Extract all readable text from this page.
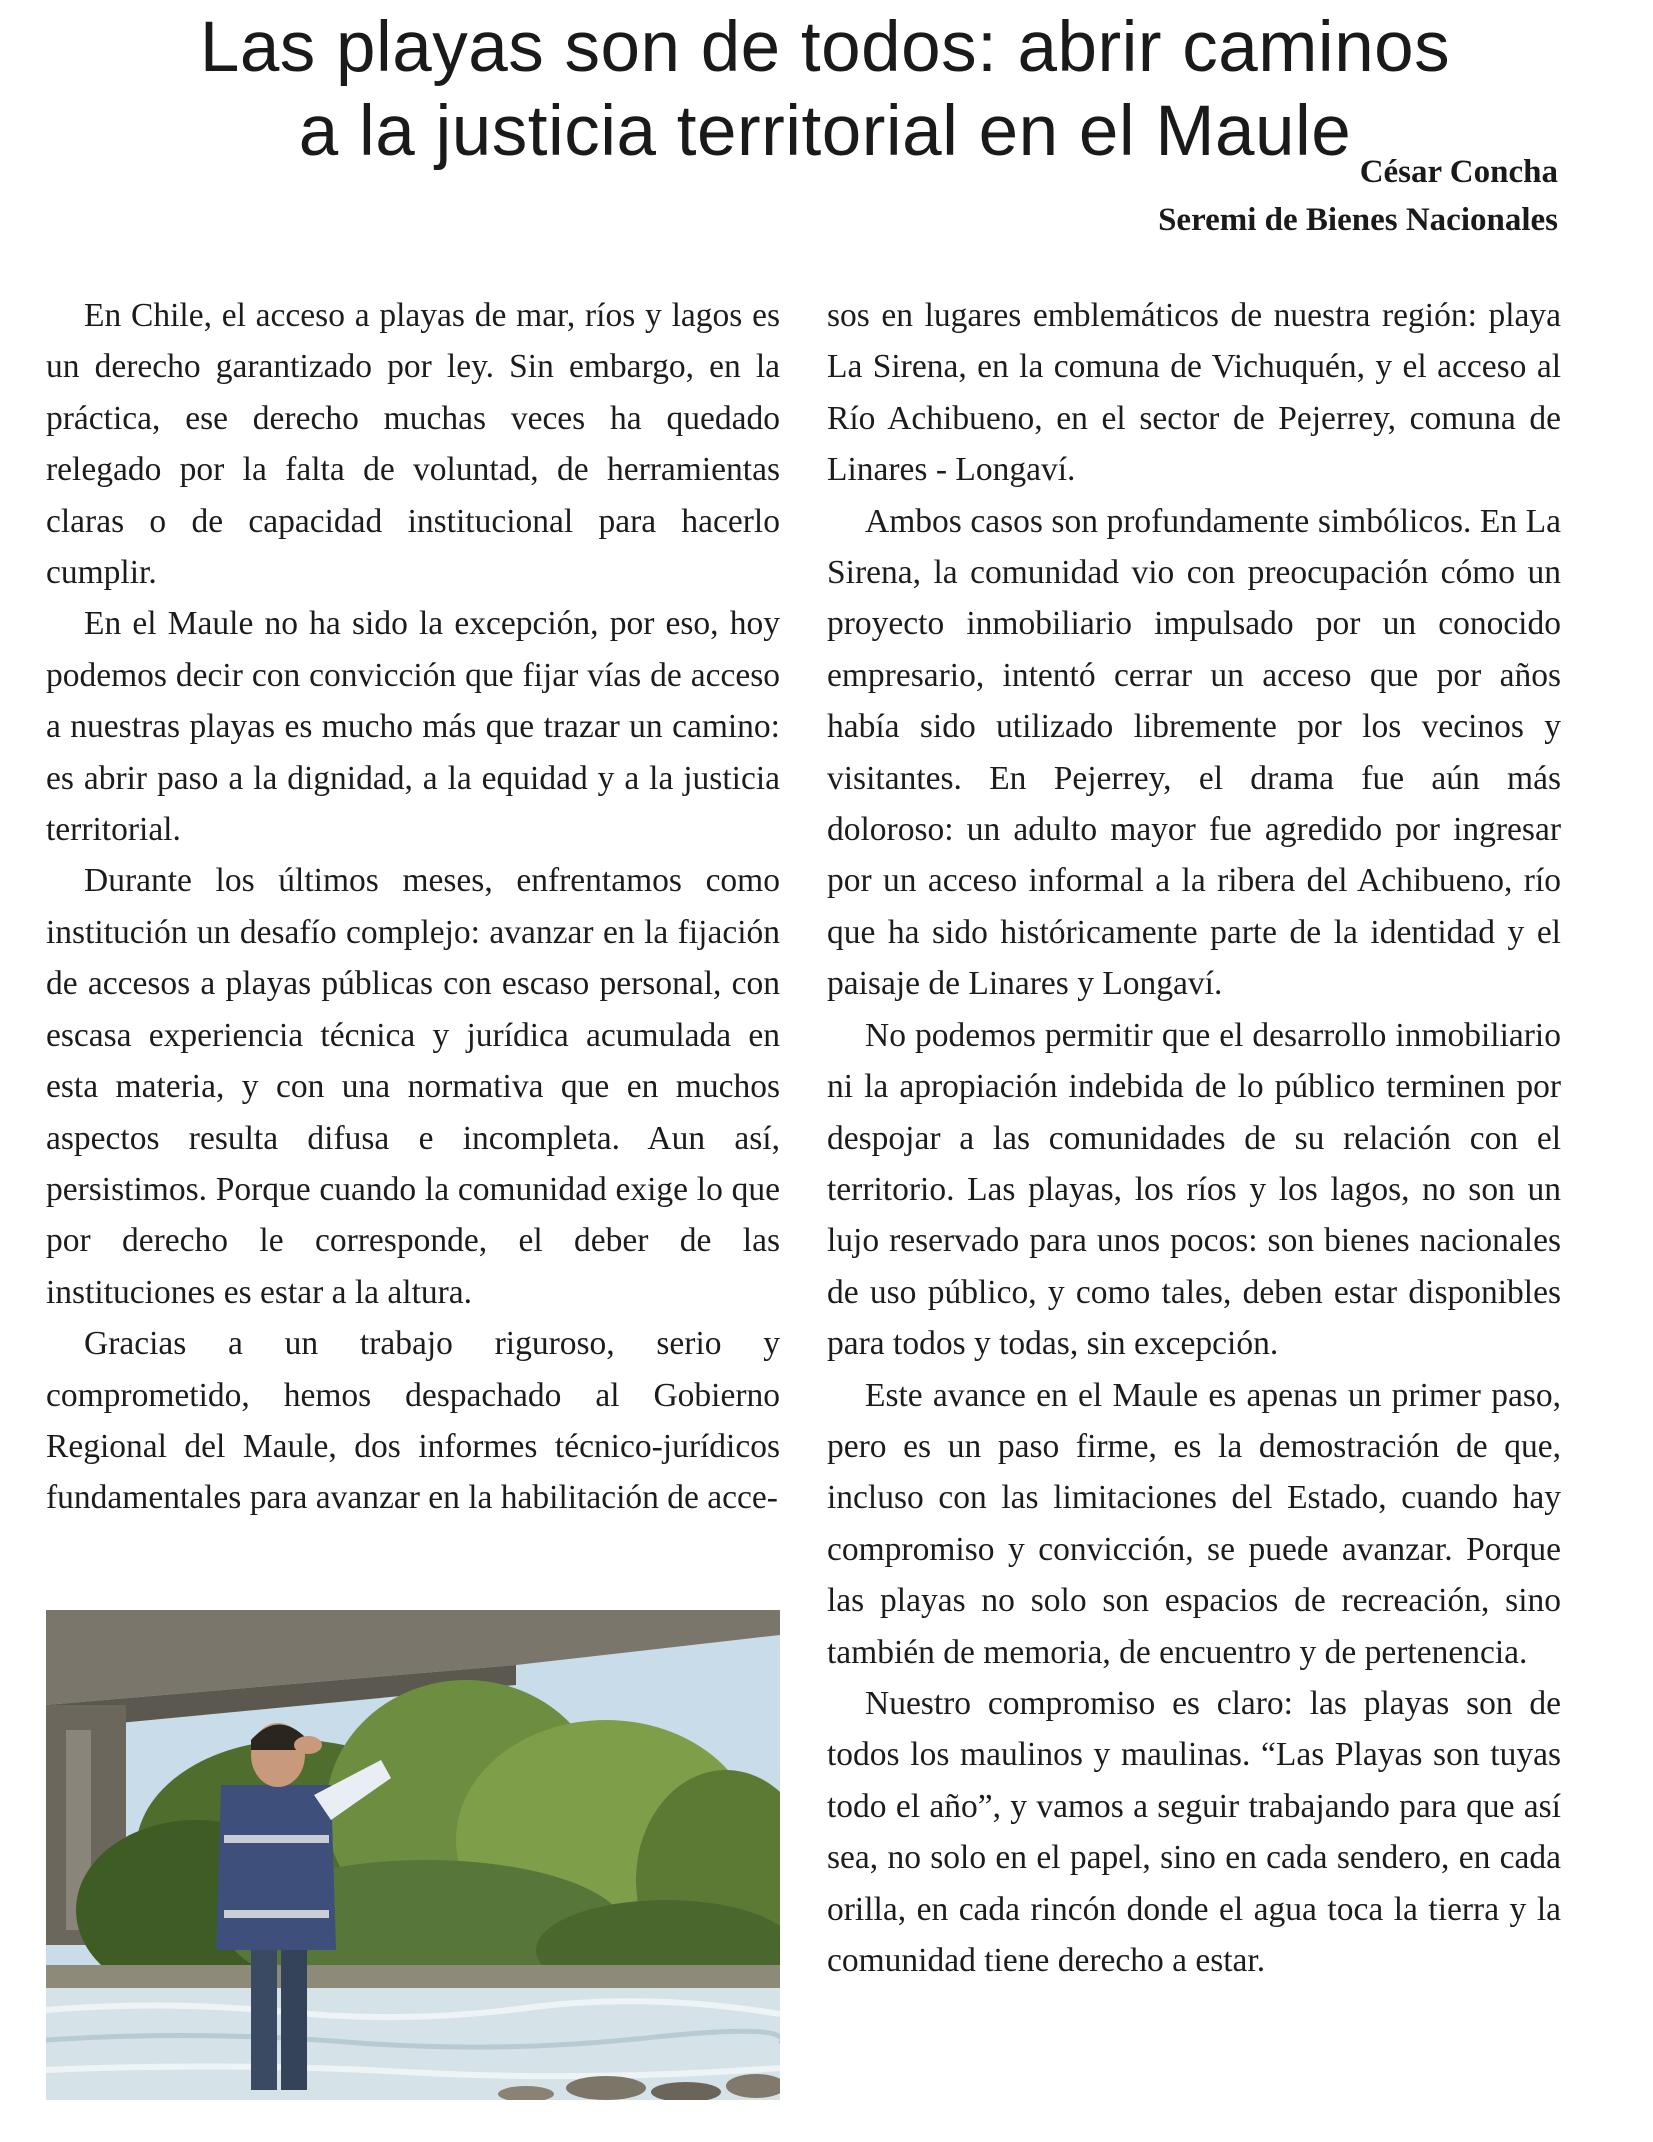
Las playas son de todos: abrir caminos
a la justicia territorial en el Maule
César Concha
Seremi de Bienes Nacionales

En Chile, el acceso a playas de mar, ríos y lagos es un derecho garantizado por ley. Sin embargo, en la práctica, ese derecho muchas veces ha quedado relegado por la falta de voluntad, de herramientas claras o de capacidad institucional para hacerlo cumplir.

En el Maule no ha sido la excepción, por eso, hoy podemos decir con convicción que fijar vías de acceso a nuestras playas es mucho más que trazar un camino: es abrir paso a la dignidad, a la equidad y a la justicia territorial.

Durante los últimos meses, enfrentamos como institución un desafío complejo: avanzar en la fijación de accesos a playas públicas con escaso personal, con escasa experiencia técnica y jurídica acumulada en esta materia, y con una normativa que en muchos aspectos resulta difusa e incompleta. Aun así, persistimos. Porque cuando la comunidad exige lo que por derecho le corresponde, el deber de las instituciones es estar a la altura.

Gracias a un trabajo riguroso, serio y comprometido, hemos despachado al Gobierno Regional del Maule, dos informes técnico-jurídicos fundamentales para avanzar en la habilitación de acce-

sos en lugares emblemáticos de nuestra región: playa La Sirena, en la comuna de Vichuquén, y el acceso al Río Achibueno, en el sector de Pejerrey, comuna de Linares - Longaví.

Ambos casos son profundamente simbólicos. En La Sirena, la comunidad vio con preocupación cómo un proyecto inmobiliario impulsado por un conocido empresario, intentó cerrar un acceso que por años había sido utilizado libremente por los vecinos y visitantes. En Pejerrey, el drama fue aún más doloroso: un adulto mayor fue agredido por ingresar por un acceso informal a la ribera del Achibueno, río que ha sido históricamente parte de la identidad y el paisaje de Linares y Longaví.

No podemos permitir que el desarrollo inmobiliario ni la apropiación indebida de lo público terminen por despojar a las comunidades de su relación con el territorio. Las playas, los ríos y los lagos, no son un lujo reservado para unos pocos: son bienes nacionales de uso público, y como tales, deben estar disponibles para todos y todas, sin excepción.

Este avance en el Maule es apenas un primer paso, pero es un paso firme, es la demostración de que, incluso con las limitaciones del Estado, cuando hay compromiso y convicción, se puede avanzar. Porque las playas no solo son espacios de recreación, sino también de memoria, de encuentro y de pertenencia.

Nuestro compromiso es claro: las playas son de todos los maulinos y maulinas. “Las Playas son tuyas todo el año”, y vamos a seguir trabajando para que así sea, no solo en el papel, sino en cada sendero, en cada orilla, en cada rincón donde el agua toca la tierra y la comunidad tiene derecho a estar.
